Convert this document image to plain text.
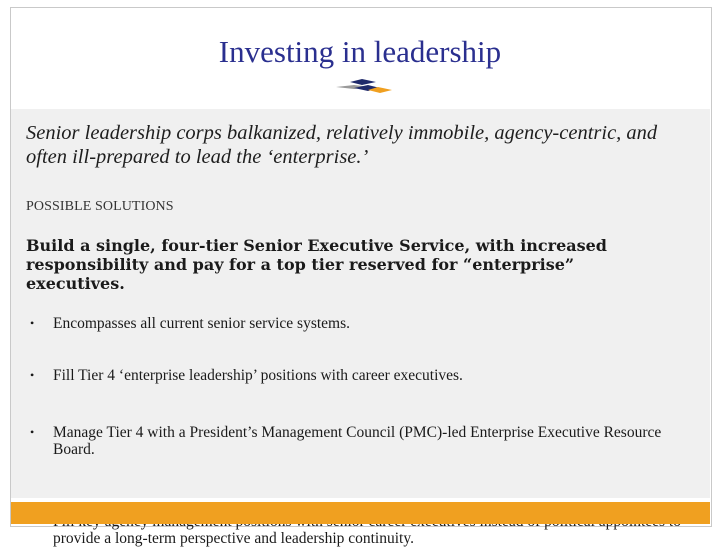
Investing in leadership
Senior leadership corps balkanized, relatively immobile, agency-centric, and often ill-prepared to lead the ‘enterprise.’
POSSIBLE SOLUTIONS
Build a single, four-tier Senior Executive Service, with increased responsibility and pay for a top tier reserved for “enterprise” executives.
• Encompasses all current senior service systems.
• Fill Tier 4 ‘enterprise leadership’ positions with career executives.
• Manage Tier 4 with a President’s Management Council (PMC)-led Enterprise Executive Resource Board.
provide a long-term perspective and leadership continuity.
